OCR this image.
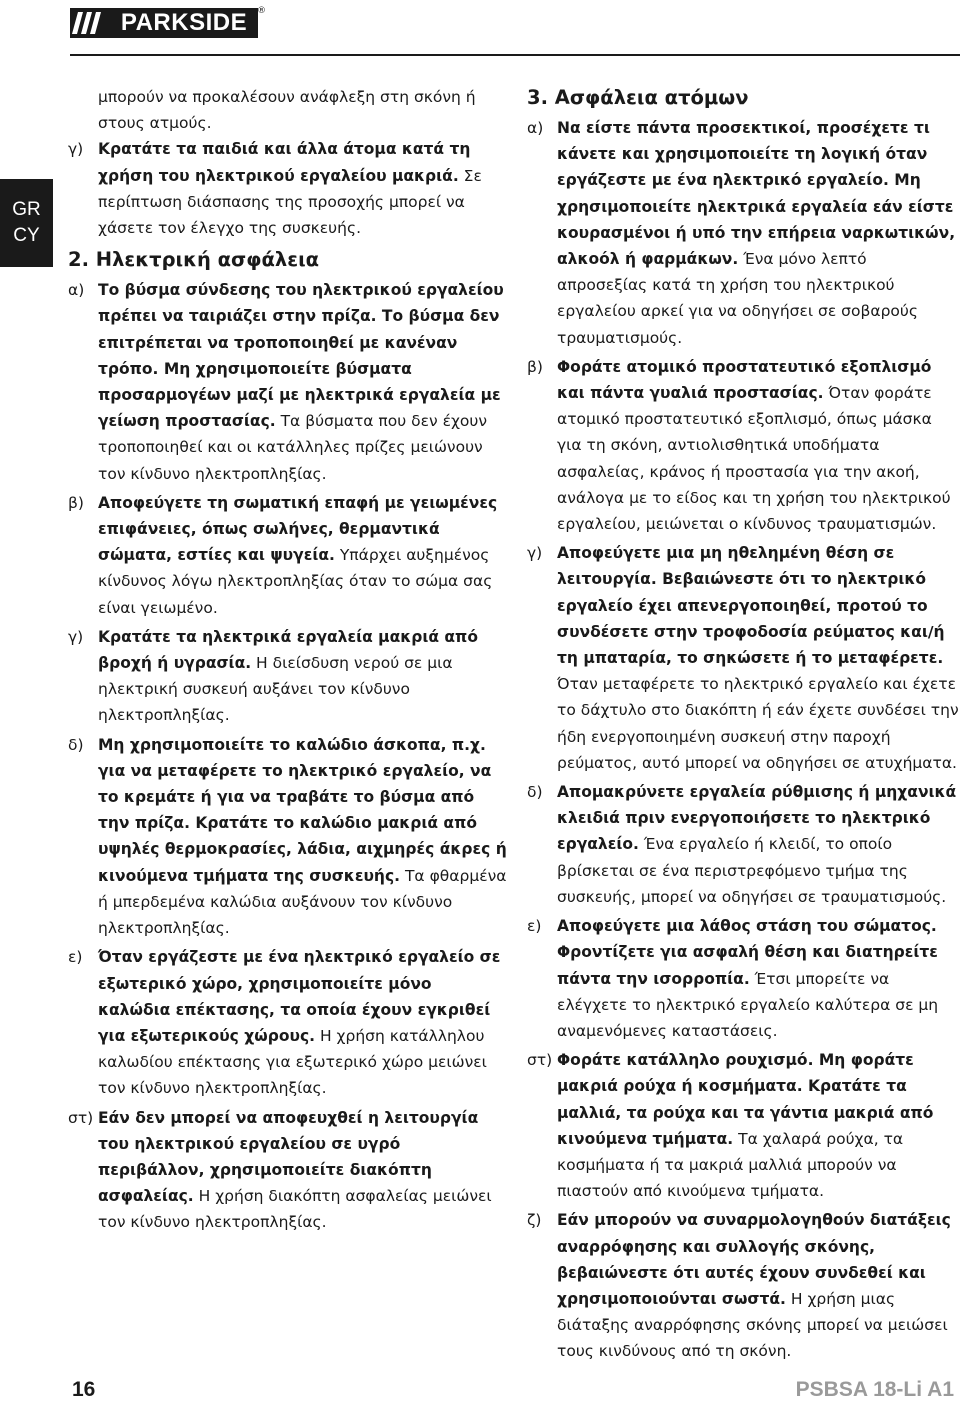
PARKSIDE	®
GR
CY

μπορούν να προκαλέσουν ανάφλεξη στη σκόνη ή στους ατμούς.

γ) Κρατάτε τα παιδιά και άλλα άτομα κατά τη χρήση του ηλεκτρικού εργαλείου μακριά. Σε περίπτωση διάσπασης της προσοχής μπορεί να χάσετε τον έλεγχο της συσκευής.
2. Ηλεκτρική ασφάλεια
α) Το βύσμα σύνδεσης του ηλεκτρικού εργαλείου πρέπει να ταιριάζει στην πρίζα. Το βύσμα δεν επιτρέπεται να τροποποιηθεί με κανέναν τρόπο. Μη χρησιμοποιείτε βύσματα προσαρμογέων μαζί με ηλεκτρικά εργαλεία με γείωση προστασίας. Τα βύσματα που δεν έχουν τροποποιηθεί και οι κατάλληλες πρίζες μειώνουν τον κίνδυνο ηλεκτροπληξίας.
β) Αποφεύγετε τη σωματική επαφή με γειωμένες επιφάνειες, όπως σωλήνες, θερμαντικά σώματα, εστίες και ψυγεία. Υπάρχει αυξημένος κίνδυνος λόγω ηλεκτροπληξίας όταν το σώμα σας είναι γειωμένο.
γ) Κρατάτε τα ηλεκτρικά εργαλεία μακριά από βροχή ή υγρασία. Η διείσδυση νερού σε μια ηλεκτρική συσκευή αυξάνει τον κίνδυνο ηλεκτροπληξίας.
δ) Μη χρησιμοποιείτε το καλώδιο άσκοπα, π.χ. για να μεταφέρετε το ηλεκτρικό εργαλείο, να το κρεμάτε ή για να τραβάτε το βύσμα από την πρίζα. Κρατάτε το καλώδιο μακριά από υψηλές θερμοκρασίες, λάδια, αιχμηρές άκρες ή κινούμενα τμήματα της συσκευής. Τα φθαρμένα ή μπερδεμένα καλώδια αυξάνουν τον κίνδυνο ηλεκτροπληξίας.
ε)	Όταν εργάζεστε με ένα ηλεκτρικό εργαλείο σε εξωτερικό χώρο, χρησιμοποιείτε μόνο καλώδια επέκτασης, τα οποία έχουν εγκριθεί για εξωτερικούς χώρους. Η χρήση κατάλληλου καλωδίου επέκτασης για εξωτερικό χώρο μειώνει τον κίνδυνο ηλεκτροπληξίας.
στ) Εάν δεν μπορεί να αποφευχθεί η λειτουργία του ηλεκτρικού εργαλείου σε υγρό περιβάλλον, χρησιμοποιείτε διακόπτη ασφαλείας. Η χρήση διακόπτη ασφαλείας μειώνει τον κίνδυνο ηλεκτροπληξίας.
3. Ασφάλεια ατόμων
α) Να είστε πάντα προσεκτικοί, προσέχετε τι κάνετε και χρησιμοποιείτε τη λογική όταν εργάζεστε με ένα ηλεκτρικό εργαλείο. Μη χρησιμοποιείτε ηλεκτρικά εργαλεία εάν είστε κουρασμένοι ή υπό την επήρεια ναρκωτικών, αλκοόλ ή φαρμάκων. Ένα μόνο λεπτό απροσεξίας κατά τη χρήση του ηλεκτρικού εργαλείου αρκεί για να οδηγήσει σε σοβαρούς τραυματισμούς.
β) Φοράτε ατομικό προστατευτικό εξοπλισμό και πάντα γυαλιά προστασίας. Όταν φοράτε ατομικό προστατευτικό εξοπλισμό, όπως μάσκα για τη σκόνη, αντιολισθητικά υποδήματα ασφαλείας, κράνος ή προστασία για την ακοή, ανάλογα με το είδος και τη χρήση του ηλεκτρικού εργαλείου, μειώνεται ο κίνδυνος τραυματισμών.
γ) Αποφεύγετε μια μη ηθελημένη θέση σε λειτουργία. Βεβαιώνεστε ότι το ηλεκτρικό εργαλείο έχει απενεργοποιηθεί, προτού το συνδέσετε στην τροφοδοσία ρεύματος και/ή τη μπαταρία, το σηκώσετε ή το μεταφέρετε. Όταν μεταφέρετε το ηλεκτρικό εργαλείο και έχετε το δάχτυλο στο διακόπτη ή εάν έχετε συνδέσει την ήδη ενεργοποιημένη συσκευή στην παροχή ρεύματος, αυτό μπορεί να οδηγήσει σε ατυχήματα.
δ) Απομακρύνετε εργαλεία ρύθμισης ή μηχανικά κλειδιά πριν ενεργοποιήσετε το ηλεκτρικό εργαλείο. Ένα εργαλείο ή κλειδί, το οποίο βρίσκεται σε ένα περιστρεφόμενο τμήμα της συσκευής, μπορεί να οδηγήσει σε τραυματισμούς.
ε)	Αποφεύγετε μια λάθος στάση του σώματος. Φροντίζετε για ασφαλή θέση και διατηρείτε πάντα την ισορροπία. Έτσι μπορείτε να ελέγχετε το ηλεκτρικό εργαλείο καλύτερα σε μη αναμενόμενες καταστάσεις.
στ) Φοράτε κατάλληλο ρουχισμό. Μη φοράτε μακριά ρούχα ή κοσμήματα. Κρατάτε τα μαλλιά, τα ρούχα και τα γάντια μακριά από κινούμενα τμήματα. Τα χαλαρά ρούχα, τα κοσμήματα ή τα μακριά μαλλιά μπορούν να πιαστούν από κινούμενα τμήματα.
ζ)	Εάν μπορούν να συναρμολογηθούν διατάξεις αναρρόφησης και συλλογής σκόνης, βεβαιώνεστε ότι αυτές έχουν συνδεθεί και χρησιμοποιούνται σωστά. Η χρήση μιας διάταξης αναρρόφησης σκόνης μπορεί να μειώσει τους κινδύνους από τη σκόνη.
16	PSBSA 18-Li A1
